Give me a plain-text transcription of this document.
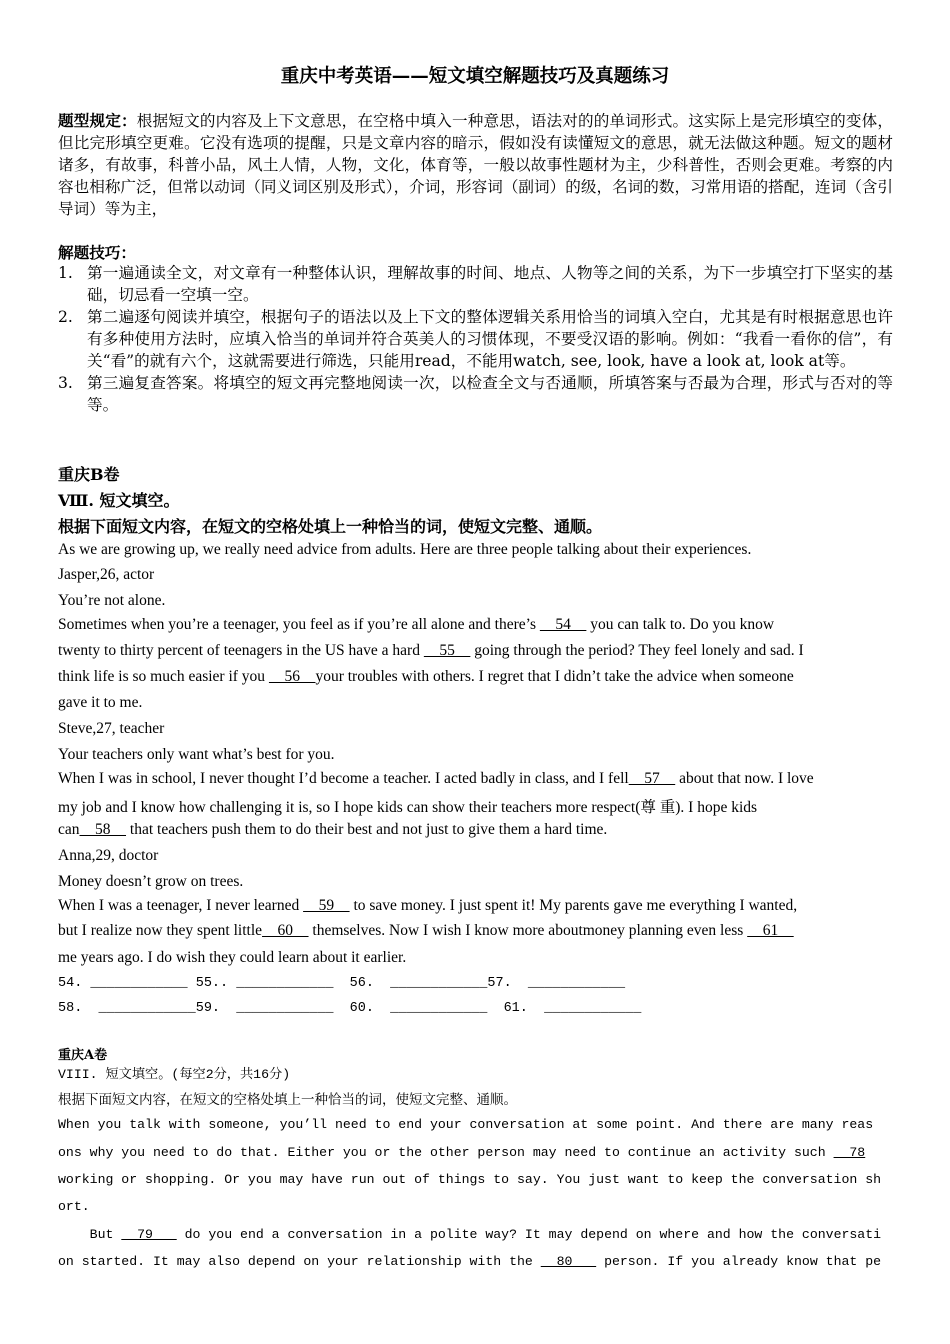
重庆中考英语——短文填空解题技巧及真题练习

题型规定：根据短文的内容及上下文意思，在空格中填入一种意思，语法对的的单词形式。这实际上是完形填空的变体，但比完形填空更难。它没有选项的提醒，只是文章内容的暗示，假如没有读懂短文的意思，就无法做这种题。短文的题材诸多，有故事，科普小品，风土人情，人物，文化，体育等，一般以故事性题材为主，少科普性，否则会更难。考察的内容也相称广泛，但常以动词（同义词区别及形式），介词，形容词（副词）的级，名词的数，习常用语的搭配，连词（含引导词）等为主，

解题技巧：
1. 第一遍通读全文，对文章有一种整体认识，理解故事的时间、地点、人物等之间的关系，为下一步填空打下坚实的基础，切忌看一空填一空。
2. 第二遍逐句阅读并填空，根据句子的语法以及上下文的整体逻辑关系用恰当的词填入空白，尤其是有时根据意思也许有多种使用方法时，应填入恰当的单词并符合英美人的习惯体现，不要受汉语的影响。例如：“我看一看你的信”，有关“看”的就有六个，这就需要进行筛选，只能用read，不能用watch, see, look, have a look at, look at等。
3. 第三遍复查答案。将填空的短文再完整地阅读一次，以检查全文与否通顺，所填答案与否最为合理，形式与否对的等等。
重庆B卷
Ⅷ. 短文填空。
根据下面短文内容，在短文的空格处填上一种恰当的词，使短文完整、通顺。
As we are growing up, we really need advice from adults. Here are three people talking about their experiences.
Jasper,26, actor
You’re not alone.
Sometimes when you’re a teenager, you feel as if you’re all alone and there’s     54     you can talk to. Do you know
twenty to thirty percent of teenagers in the US have a hard     55     going through the period? They feel lonely and sad. I
think life is so much easier if you     56    your troubles with others. I regret that I didn’t take the advice when someone
gave it to me.
Steve,27, teacher
Your teachers only want what’s best for you.
When I was in school, I never thought I’d become a teacher. I acted badly in class, and I fell    57     about that now. I love
my job and I know how challenging it is, so I hope kids can show their teachers more respect(尊 重). I hope kids
can    58     that teachers push them to do their best and not just to give them a hard time.
Anna,29, doctor
Money doesn’t grow on trees.
When I was a teenager, I never learned     59     to save money. I just spent it! My parents gave me everything I wanted,
but I realize now they spent little    60     themselves. Now I wish I know more aboutmoney planning even less     61
me years ago. I do wish they could learn about it earlier.
54. ____________ 55.. ____________  56.  ____________57.  ____________
58.  ____________59.  ____________  60.  ____________  61.  ____________
重庆A卷
VIII. 短文填空。(每空2分，共16分)
根据下面短文内容，在短文的空格处填上一种恰当的词，使短文完整、通顺。
When you talk with someone, you’ll need to end your conversation at some point. And there are many reas
ons why you need to do that. Either you or the other person may need to continue an activity such   78
working or shopping. Or you may have run out of things to say. You just want to keep the conversation sh
ort.
But   79    do you end a conversation in a polite way? It may depend on where and how the conversati
on started. It may also depend on your relationship with the   80    person. If you already know that pe
